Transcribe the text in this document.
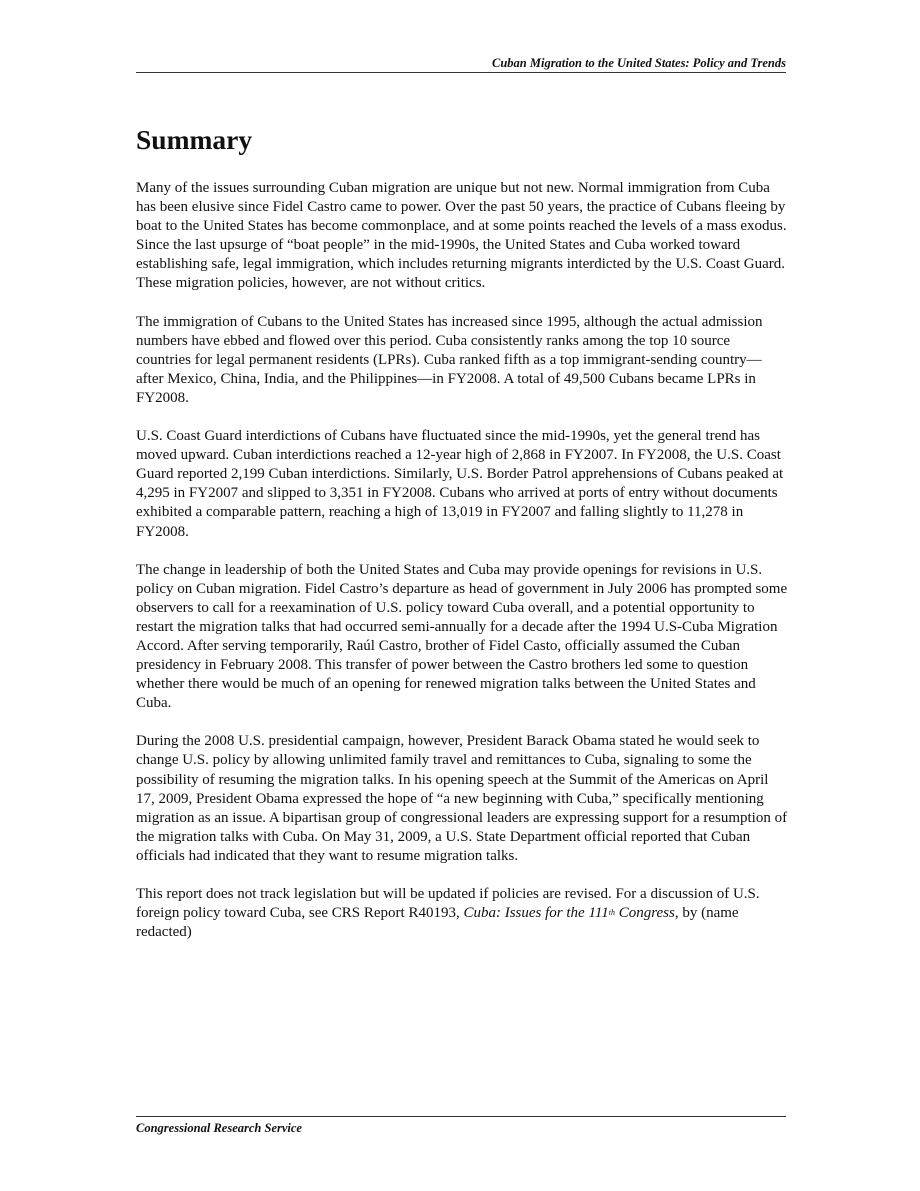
Cuban Migration to the United States: Policy and Trends
Summary

Many of the issues surrounding Cuban migration are unique but not new. Normal immigration from Cuba has been elusive since Fidel Castro came to power. Over the past 50 years, the practice of Cubans fleeing by boat to the United States has become commonplace, and at some points reached the levels of a mass exodus. Since the last upsurge of “boat people” in the mid-1990s, the United States and Cuba worked toward establishing safe, legal immigration, which includes returning migrants interdicted by the U.S. Coast Guard. These migration policies, however, are not without critics.

The immigration of Cubans to the United States has increased since 1995, although the actual admission numbers have ebbed and flowed over this period. Cuba consistently ranks among the top 10 source countries for legal permanent residents (LPRs). Cuba ranked fifth as a top immigrant-sending country—after Mexico, China, India, and the Philippines—in FY2008. A total of 49,500 Cubans became LPRs in FY2008.

U.S. Coast Guard interdictions of Cubans have fluctuated since the mid-1990s, yet the general trend has moved upward. Cuban interdictions reached a 12-year high of 2,868 in FY2007. In FY2008, the U.S. Coast Guard reported 2,199 Cuban interdictions. Similarly, U.S. Border Patrol apprehensions of Cubans peaked at 4,295 in FY2007 and slipped to 3,351 in FY2008. Cubans who arrived at ports of entry without documents exhibited a comparable pattern, reaching a high of 13,019 in FY2007 and falling slightly to 11,278 in FY2008.

The change in leadership of both the United States and Cuba may provide openings for revisions in U.S. policy on Cuban migration. Fidel Castro’s departure as head of government in July 2006 has prompted some observers to call for a reexamination of U.S. policy toward Cuba overall, and a potential opportunity to restart the migration talks that had occurred semi-annually for a decade after the 1994 U.S-Cuba Migration Accord. After serving temporarily, Raúl Castro, brother of Fidel Casto, officially assumed the Cuban presidency in February 2008. This transfer of power between the Castro brothers led some to question whether there would be much of an opening for renewed migration talks between the United States and Cuba.

During the 2008 U.S. presidential campaign, however, President Barack Obama stated he would seek to change U.S. policy by allowing unlimited family travel and remittances to Cuba, signaling to some the possibility of resuming the migration talks. In his opening speech at the Summit of the Americas on April 17, 2009, President Obama expressed the hope of “a new beginning with Cuba,” specifically mentioning migration as an issue. A bipartisan group of congressional leaders are expressing support for a resumption of the migration talks with Cuba. On May 31, 2009, a U.S. State Department official reported that Cuban officials had indicated that they want to resume migration talks.

This report does not track legislation but will be updated if policies are revised. For a discussion of U.S. foreign policy toward Cuba, see CRS Report R40193, Cuba: Issues for the 111th Congress, by (name redacted)

Congressional Research Service
